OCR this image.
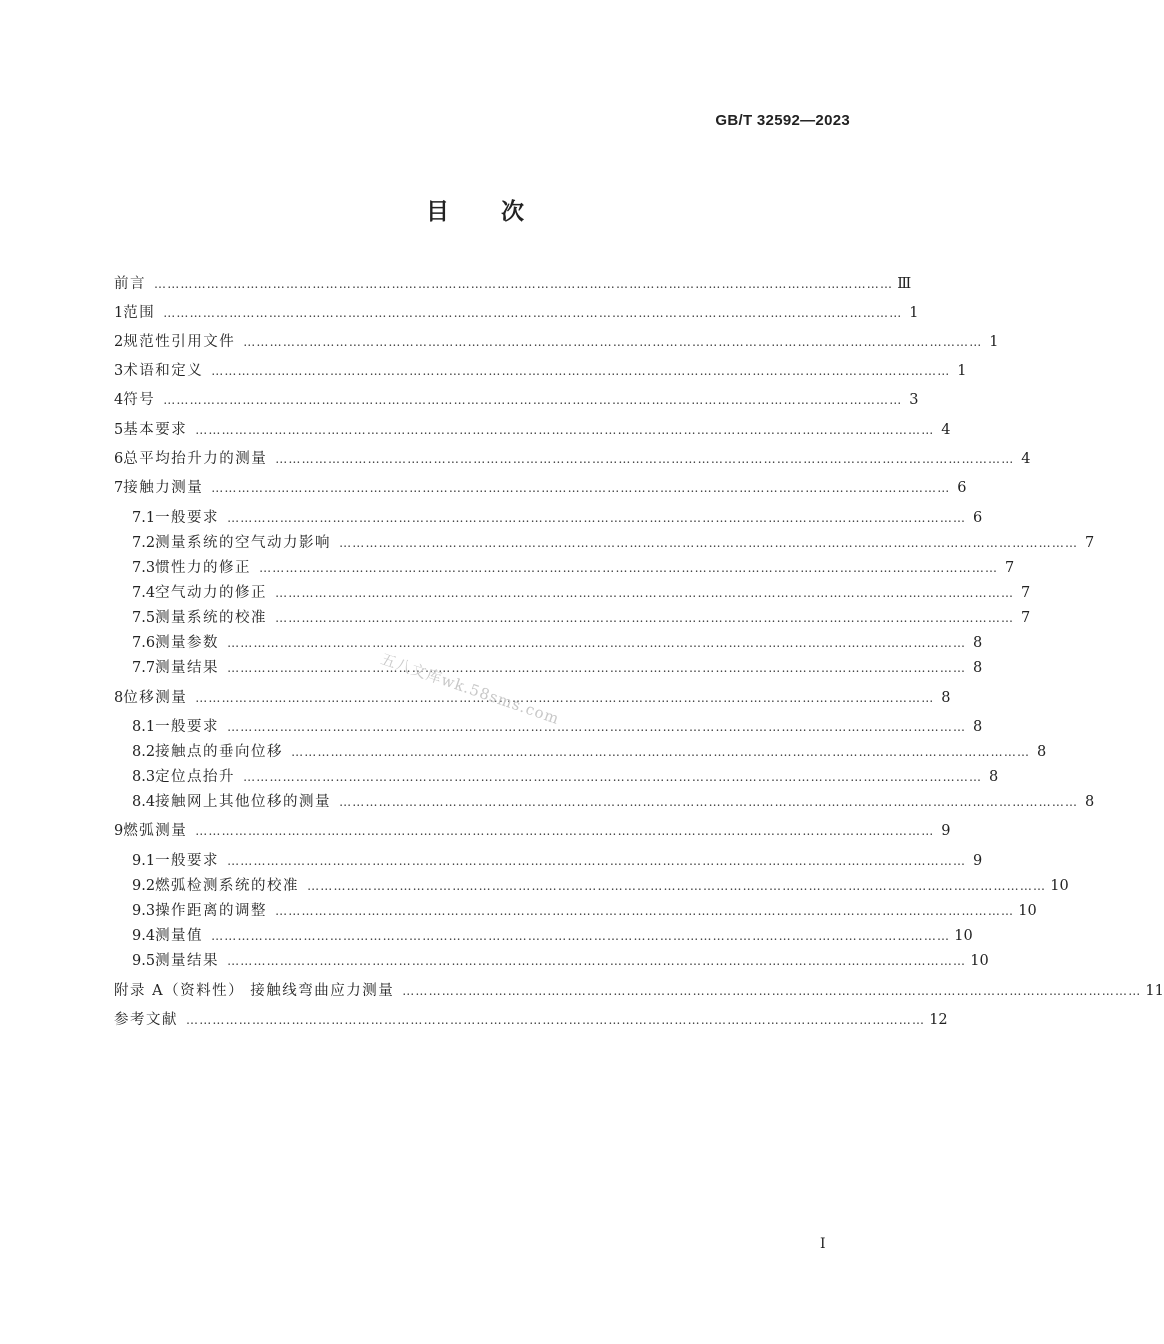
GB/T 32592—2023
目次
前言 …………………………………………………………………………………………………………………………………………………… Ⅲ
1 范围 …………………………………………………………………………………………………………………………………………………… 1
2 规范性引用文件 …………………………………………………………………………………………………………………………………………………… 1
3 术语和定义 …………………………………………………………………………………………………………………………………………………… 1
4 符号 …………………………………………………………………………………………………………………………………………………… 3
5 基本要求 …………………………………………………………………………………………………………………………………………………… 4
6 总平均抬升力的测量 …………………………………………………………………………………………………………………………………………………… 4
7 接触力测量 …………………………………………………………………………………………………………………………………………………… 6
7.1 一般要求 …………………………………………………………………………………………………………………………………………………… 6
7.2 测量系统的空气动力影响 …………………………………………………………………………………………………………………………………………………… 7
7.3 惯性力的修正 …………………………………………………………………………………………………………………………………………………… 7
7.4 空气动力的修正 …………………………………………………………………………………………………………………………………………………… 7
7.5 测量系统的校准 …………………………………………………………………………………………………………………………………………………… 7
7.6 测量参数 …………………………………………………………………………………………………………………………………………………… 8
7.7 测量结果 …………………………………………………………………………………………………………………………………………………… 8
8 位移测量 …………………………………………………………………………………………………………………………………………………… 8
8.1 一般要求 …………………………………………………………………………………………………………………………………………………… 8
8.2 接触点的垂向位移 …………………………………………………………………………………………………………………………………………………… 8
8.3 定位点抬升 …………………………………………………………………………………………………………………………………………………… 8
8.4 接触网上其他位移的测量 …………………………………………………………………………………………………………………………………………………… 8
9 燃弧测量 …………………………………………………………………………………………………………………………………………………… 9
9.1 一般要求 …………………………………………………………………………………………………………………………………………………… 9
9.2 燃弧检测系统的校准 …………………………………………………………………………………………………………………………………………………… 10
9.3 操作距离的调整 …………………………………………………………………………………………………………………………………………………… 10
9.4 测量值 …………………………………………………………………………………………………………………………………………………… 10
9.5 测量结果 …………………………………………………………………………………………………………………………………………………… 10
附录 A（资料性） 接触线弯曲应力测量 …………………………………………………………………………………………………………………………………………………… 11
参考文献 …………………………………………………………………………………………………………………………………………………… 12
五八文库wk.58sms.com
Ⅰ
